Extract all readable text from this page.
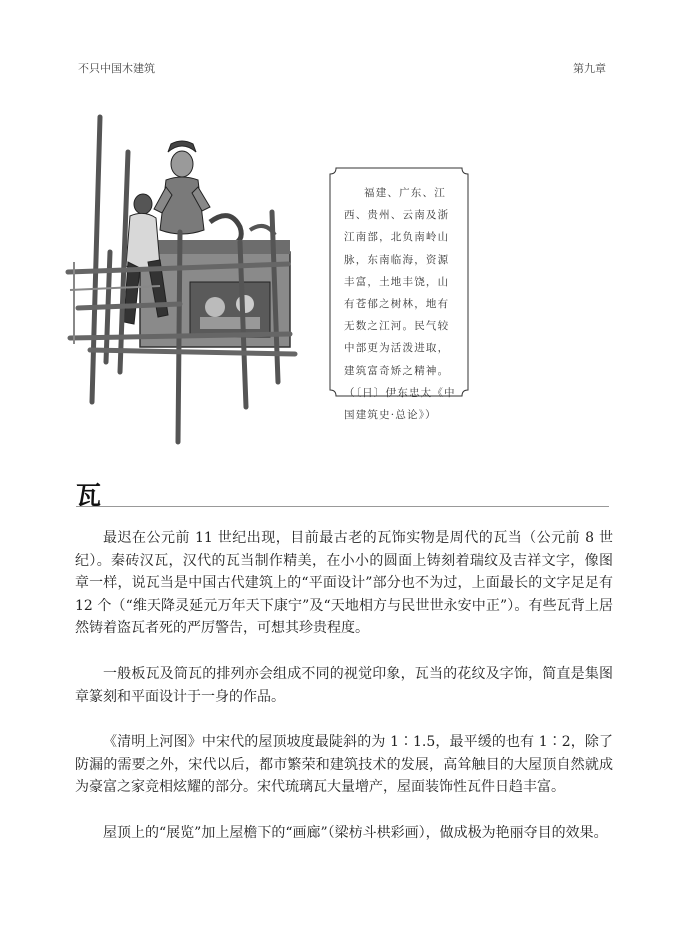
不只中国木建筑	第九章
福建、广东、江西、贵州、云南及浙江南部，北负南岭山脉，东南临海，资源丰富，土地丰饶，山有苍郁之树林，地有无数之江河。民气较中部更为活泼进取，建筑富奇矫之精神。（〔日〕伊东忠太《中国建筑史·总论》）
瓦

最迟在公元前 11 世纪出现，目前最古老的瓦饰实物是周代的瓦当（公元前 8 世纪）。秦砖汉瓦，汉代的瓦当制作精美，在小小的圆面上铸刻着瑞纹及吉祥文字，像图章一样，说瓦当是中国古代建筑上的“平面设计”部分也不为过，上面最长的文字足足有 12 个（“维天降灵延元万年天下康宁”及“天地相方与民世世永安中正”）。有些瓦背上居然铸着盗瓦者死的严厉警告，可想其珍贵程度。

一般板瓦及筒瓦的排列亦会组成不同的视觉印象，瓦当的花纹及字饰，简直是集图章篆刻和平面设计于一身的作品。

《清明上河图》中宋代的屋顶坡度最陡斜的为 1∶1.5，最平缓的也有 1∶2，除了防漏的需要之外，宋代以后，都市繁荣和建筑技术的发展，高耸触目的大屋顶自然就成为豪富之家竞相炫耀的部分。宋代琉璃瓦大量增产，屋面装饰性瓦件日趋丰富。

屋顶上的“展览”加上屋檐下的“画廊”（梁枋斗栱彩画），做成极为艳丽夺目的效果。
